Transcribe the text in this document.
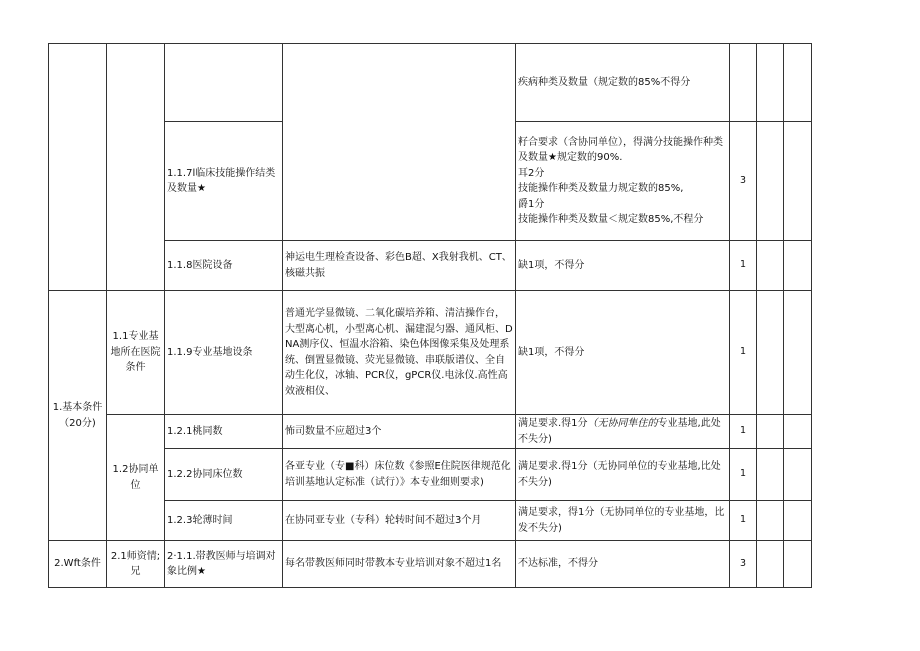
				疾病种类及数量（规定数的85%不得分			
		1.1.7l临床技能操作结类及数量★		籽合要求（含协同单位），得满分技能操作种类及数量★规定数的90%.
耳2分
技能操作种类及数量力规定数的85%,
爵1分
技能操作种类及数量＜规定数85%,不程分	3		
		1.1.8医院设备	神运电生理检查设备、彩色B超、X我射我机、CT、核磁共振	缺1项，不得分	1		
1.基本条件（20分)	1.1专业基地所在医院条件	1.1.9专业基地设条	普通光学显微镜、二氧化碳培养箱、清洁操作台，大型离心机，小型离心机、漏建混匀器、通风柜、DNA测序仪、恒温水浴箱、染色体图像采集及处理系统、倒置显微镜、荧光显微镜、串联版谱仪、全自动生化仪，冰轴、PCR仪，gPCR仪.电泳仪.高性高效液相仪、	缺1项，不得分	1		
	1.2协同单位	1.2.1桃同数	怖司数量不应超过3个	满足要求.得1分（无协同隼住的专业基地,此处不失分)	1		
		1.2.2协同床位数	各亚专业（专■科）床位数《参照E住院医律规范化培训基地认定标准（试行）》本专业细则要求)	满足要求.得1分（无协同单位的专业基地,比处不失分)	1		
		1.2.3轮薄时间	在协同亚专业（专科）轮转时间不超过3个月	满足要求，得1分（无协同单位的专业基地，比发不失分)	1		
2.Wft条件	2.1师资情;兄	2·1.1.帯教医师与培调对象比例★	每名带教医师同时带教本专业培训对象不超过1名	不达标准，不得分	3		
